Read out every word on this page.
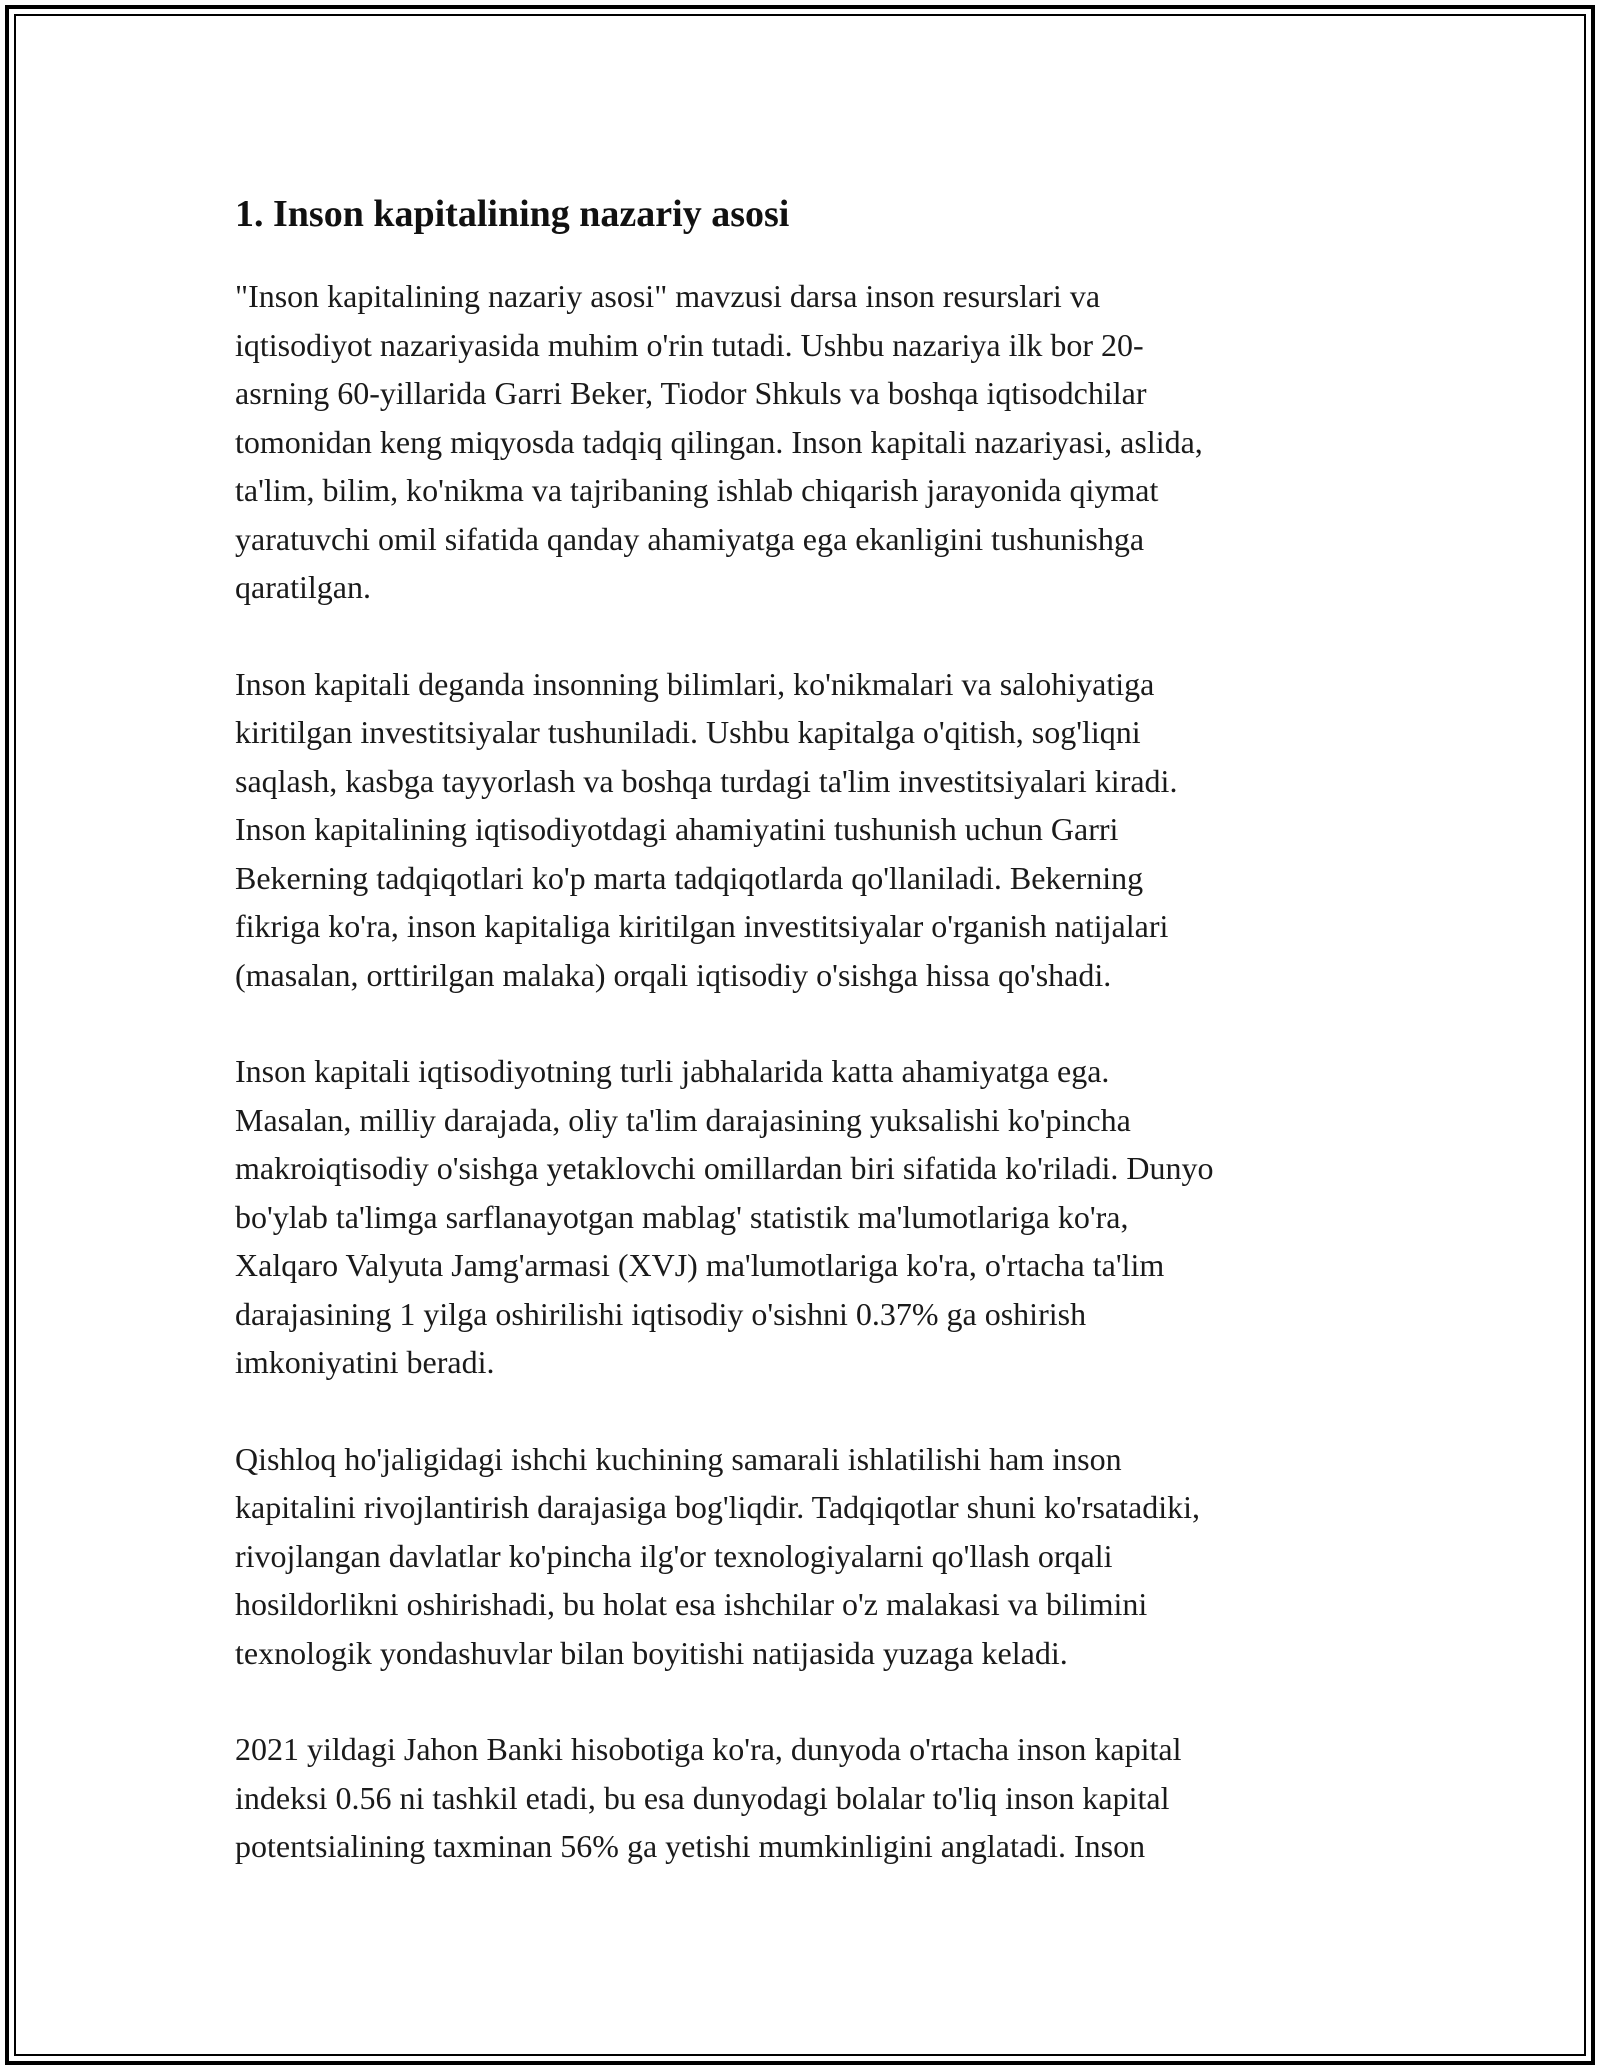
1. Inson kapitalining nazariy asosi

"Inson kapitalining nazariy asosi" mavzusi darsa inson resurslari va
iqtisodiyot nazariyasida muhim o'rin tutadi. Ushbu nazariya ilk bor 20-
asrning 60-yillarida Garri Beker, Tiodor Shkuls va boshqa iqtisodchilar
tomonidan keng miqyosda tadqiq qilingan. Inson kapitali nazariyasi, aslida,
ta'lim, bilim, ko'nikma va tajribaning ishlab chiqarish jarayonida qiymat
yaratuvchi omil sifatida qanday ahamiyatga ega ekanligini tushunishga
qaratilgan.

Inson kapitali deganda insonning bilimlari, ko'nikmalari va salohiyatiga
kiritilgan investitsiyalar tushuniladi. Ushbu kapitalga o'qitish, sog'liqni
saqlash, kasbga tayyorlash va boshqa turdagi ta'lim investitsiyalari kiradi.
Inson kapitalining iqtisodiyotdagi ahamiyatini tushunish uchun Garri
Bekerning tadqiqotlari ko'p marta tadqiqotlarda qo'llaniladi. Bekerning
fikriga ko'ra, inson kapitaliga kiritilgan investitsiyalar o'rganish natijalari
(masalan, orttirilgan malaka) orqali iqtisodiy o'sishga hissa qo'shadi.

Inson kapitali iqtisodiyotning turli jabhalarida katta ahamiyatga ega.
Masalan, milliy darajada, oliy ta'lim darajasining yuksalishi ko'pincha
makroiqtisodiy o'sishga yetaklovchi omillardan biri sifatida ko'riladi. Dunyo
bo'ylab ta'limga sarflanayotgan mablag' statistik ma'lumotlariga ko'ra,
Xalqaro Valyuta Jamg'armasi (XVJ) ma'lumotlariga ko'ra, o'rtacha ta'lim
darajasining 1 yilga oshirilishi iqtisodiy o'sishni 0.37% ga oshirish
imkoniyatini beradi.

Qishloq ho'jaligidagi ishchi kuchining samarali ishlatilishi ham inson
kapitalini rivojlantirish darajasiga bog'liqdir. Tadqiqotlar shuni ko'rsatadiki,
rivojlangan davlatlar ko'pincha ilg'or texnologiyalarni qo'llash orqali
hosildorlikni oshirishadi, bu holat esa ishchilar o'z malakasi va bilimini
texnologik yondashuvlar bilan boyitishi natijasida yuzaga keladi.

2021 yildagi Jahon Banki hisobotiga ko'ra, dunyoda o'rtacha inson kapital
indeksi 0.56 ni tashkil etadi, bu esa dunyodagi bolalar to'liq inson kapital
potentsialining taxminan 56% ga yetishi mumkinligini anglatadi. Inson
